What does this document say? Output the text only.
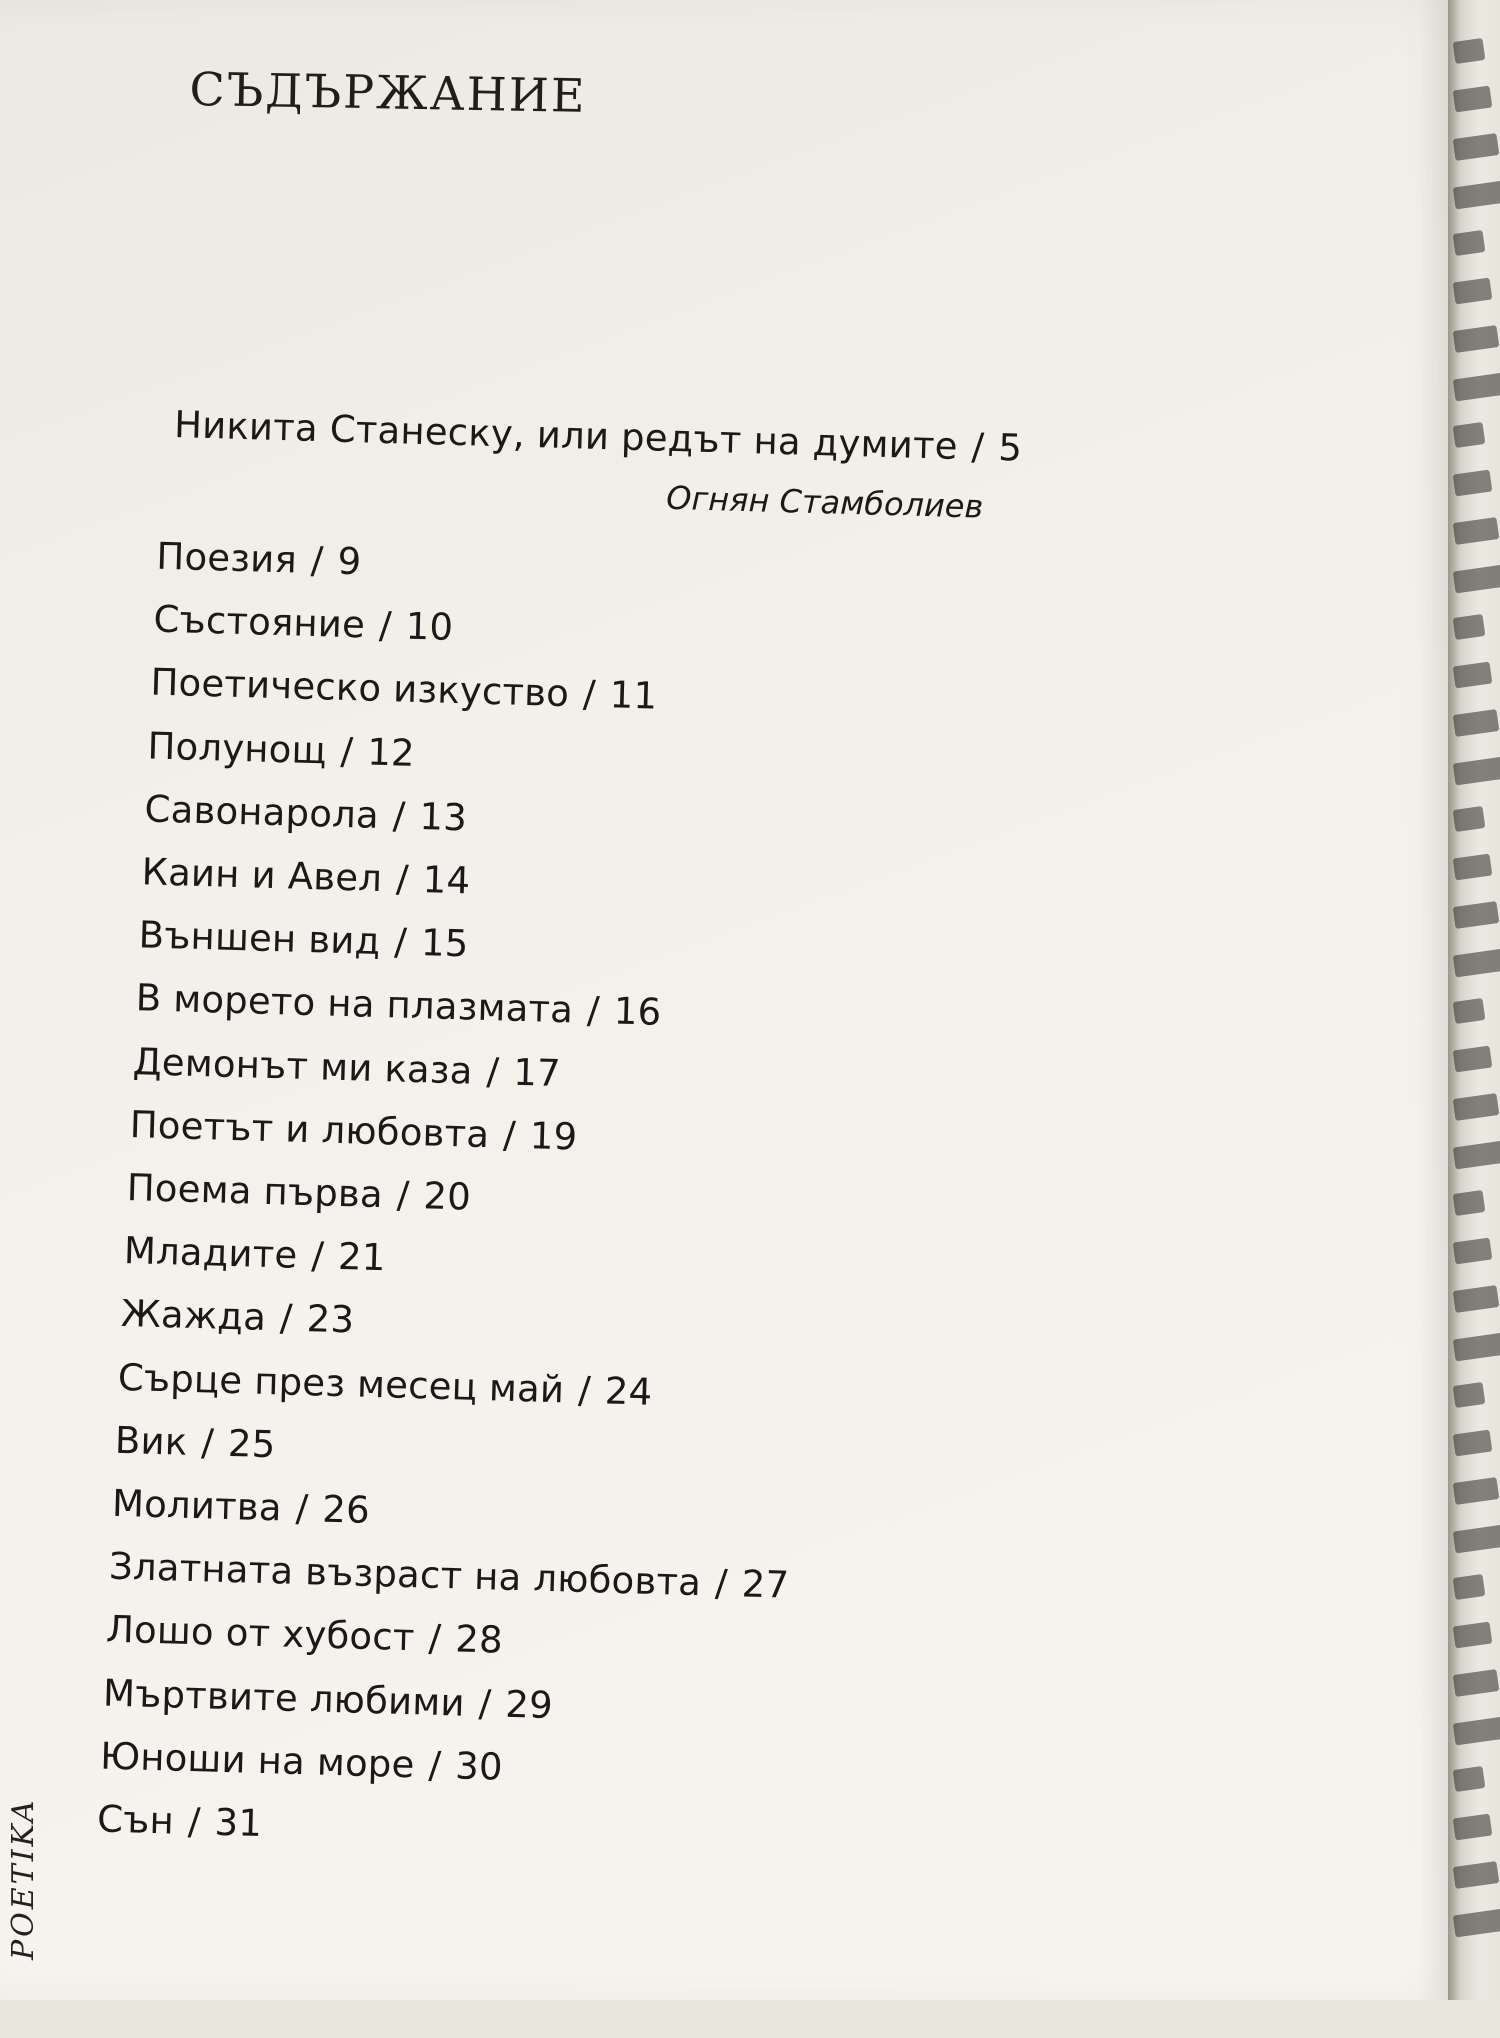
СЪДЪРЖАНИЕ
Никита Станеску, или редът на думите / 5
Огнян Стамболиев
Поезия / 9
Състояние / 10
Поетическо изкуство / 11
Полунощ / 12
Савонарола / 13
Каин и Авел / 14
Външен вид / 15
В морето на плазмата / 16
Демонът ми каза / 17
Поетът и любовта / 19
Поема първа / 20
Младите / 21
Жажда / 23
Сърце през месец май / 24
Вик / 25
Молитва / 26
Златната възраст на любовта / 27
Лошо от хубост / 28
Мъртвите любими / 29
Юноши на море / 30
Сън / 31
POETIKA
